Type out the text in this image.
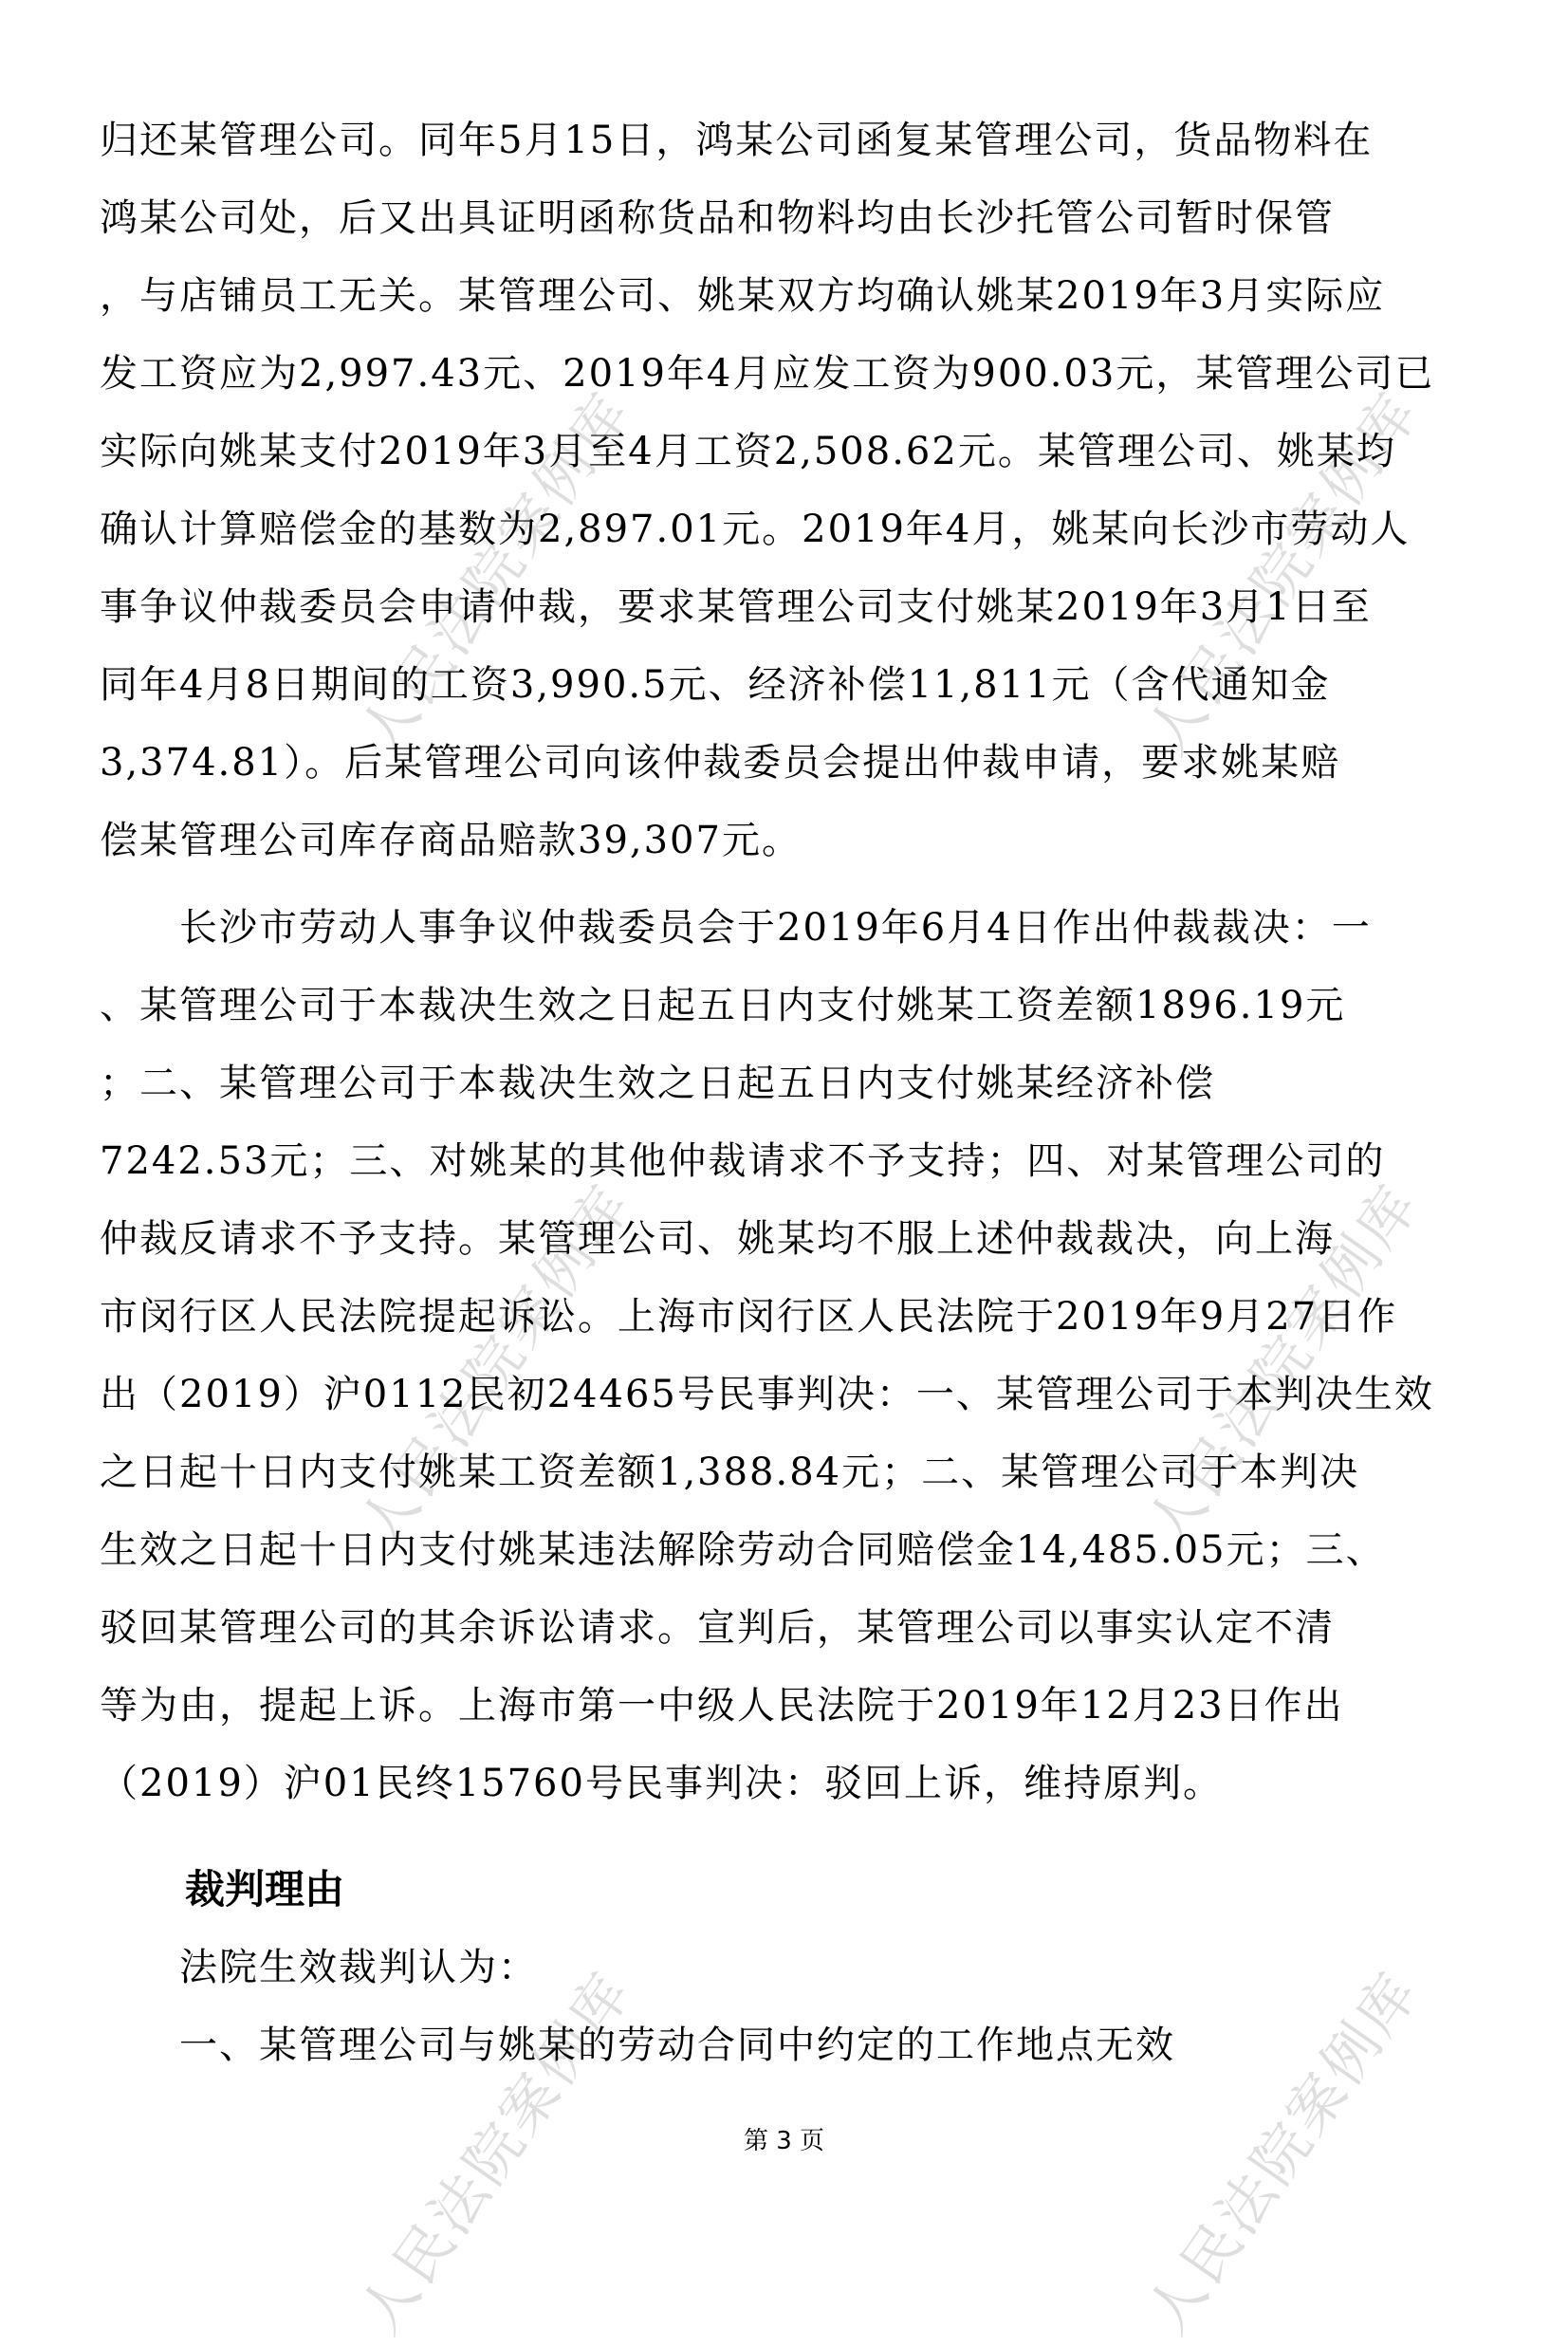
人民法院案例库	人民法院案例库
人民法院案例库	人民法院案例库
人民法院案例库	人民法院案例库
归还某管理公司。同年5月15日，鸿某公司函复某管理公司，货品物料在
鸿某公司处，后又出具证明函称货品和物料均由长沙托管公司暂时保管
，与店铺员工无关。某管理公司、姚某双方均确认姚某2019年3月实际应
发工资应为2,997.43元、2019年4月应发工资为900.03元，某管理公司已
实际向姚某支付2019年3月至4月工资2,508.62元。某管理公司、姚某均
确认计算赔偿金的基数为2,897.01元。2019年4月，姚某向长沙市劳动人
事争议仲裁委员会申请仲裁，要求某管理公司支付姚某2019年3月1日至
同年4月8日期间的工资3,990.5元、经济补偿11,811元（含代通知金
3,374.81）。后某管理公司向该仲裁委员会提出仲裁申请，要求姚某赔
偿某管理公司库存商品赔款39,307元。
　　长沙市劳动人事争议仲裁委员会于2019年6月4日作出仲裁裁决：一
、某管理公司于本裁决生效之日起五日内支付姚某工资差额1896.19元
；二、某管理公司于本裁决生效之日起五日内支付姚某经济补偿
7242.53元；三、对姚某的其他仲裁请求不予支持；四、对某管理公司的
仲裁反请求不予支持。某管理公司、姚某均不服上述仲裁裁决，向上海
市闵行区人民法院提起诉讼。上海市闵行区人民法院于2019年9月27日作
出（2019）沪0112民初24465号民事判决：一、某管理公司于本判决生效
之日起十日内支付姚某工资差额1,388.84元；二、某管理公司于本判决
生效之日起十日内支付姚某违法解除劳动合同赔偿金14,485.05元；三、
驳回某管理公司的其余诉讼请求。宣判后，某管理公司以事实认定不清
等为由，提起上诉。上海市第一中级人民法院于2019年12月23日作出
（2019）沪01民终15760号民事判决：驳回上诉，维持原判。
裁判理由
　　法院生效裁判认为：
　　一、某管理公司与姚某的劳动合同中约定的工作地点无效
第 3 页
